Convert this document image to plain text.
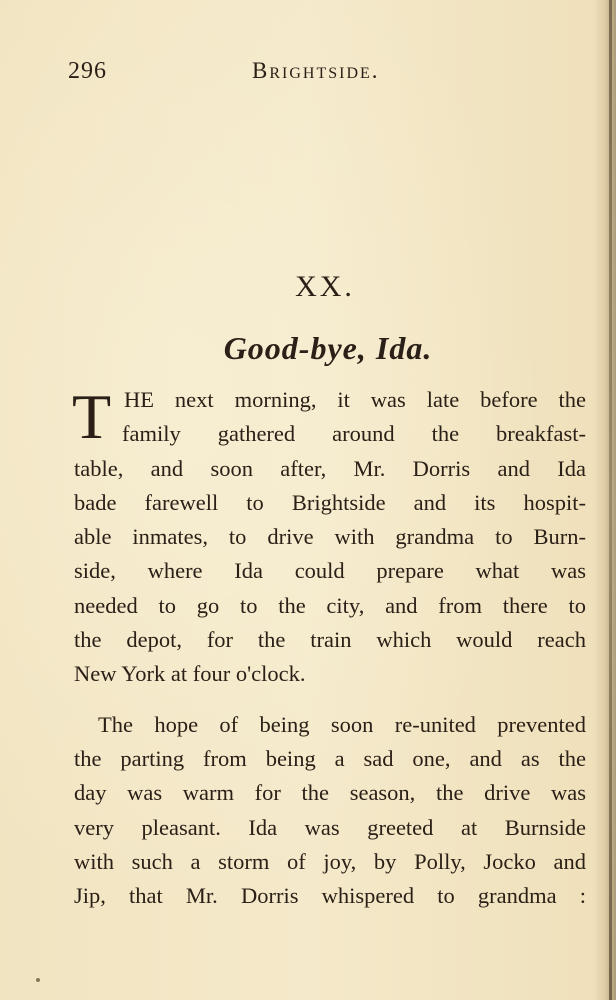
296	Brightside.
XX.
Good-bye, Ida.
T HE next morning, it was late before the
family gathered around the breakfast-
table, and soon after, Mr. Dorris and Ida
bade farewell to Brightside and its hospit-
able inmates, to drive with grandma to Burn-
side, where Ida could prepare what was
needed to go to the city, and from there to
the depot, for the train which would reach
New York at four o'clock.
The hope of being soon re-united prevented
the parting from being a sad one, and as the
day was warm for the season, the drive was
very pleasant. Ida was greeted at Burnside
with such a storm of joy, by Polly, Jocko and
Jip, that Mr. Dorris whispered to grandma :
